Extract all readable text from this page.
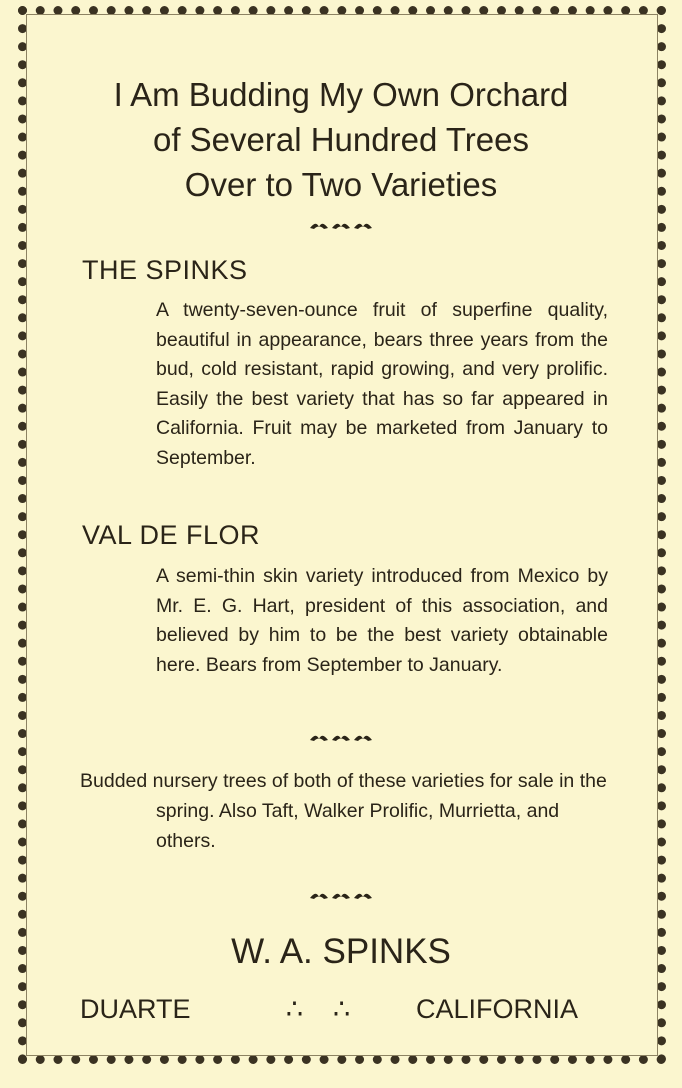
I Am Budding My Own Orchard
of Several Hundred Trees
Over to Two Varieties
THE SPINKS

A twenty-seven-ounce fruit of superfine quality, beautiful in appearance, bears three years from the bud, cold resistant, rapid growing, and very prolific. Easily the best variety that has so far appeared in California. Fruit may be marketed from January to September.

VAL DE FLOR

A semi-thin skin variety introduced from Mexico by Mr. E. G. Hart, president of this association, and believed by him to be the best variety obtainable here. Bears from September to January.

Budded nursery trees of both of these varieties for sale in the spring. Also Taft, Walker Prolific, Murrietta, and others.

W. A. SPINKS
DUARTE	∴    ∴	CALIFORNIA
